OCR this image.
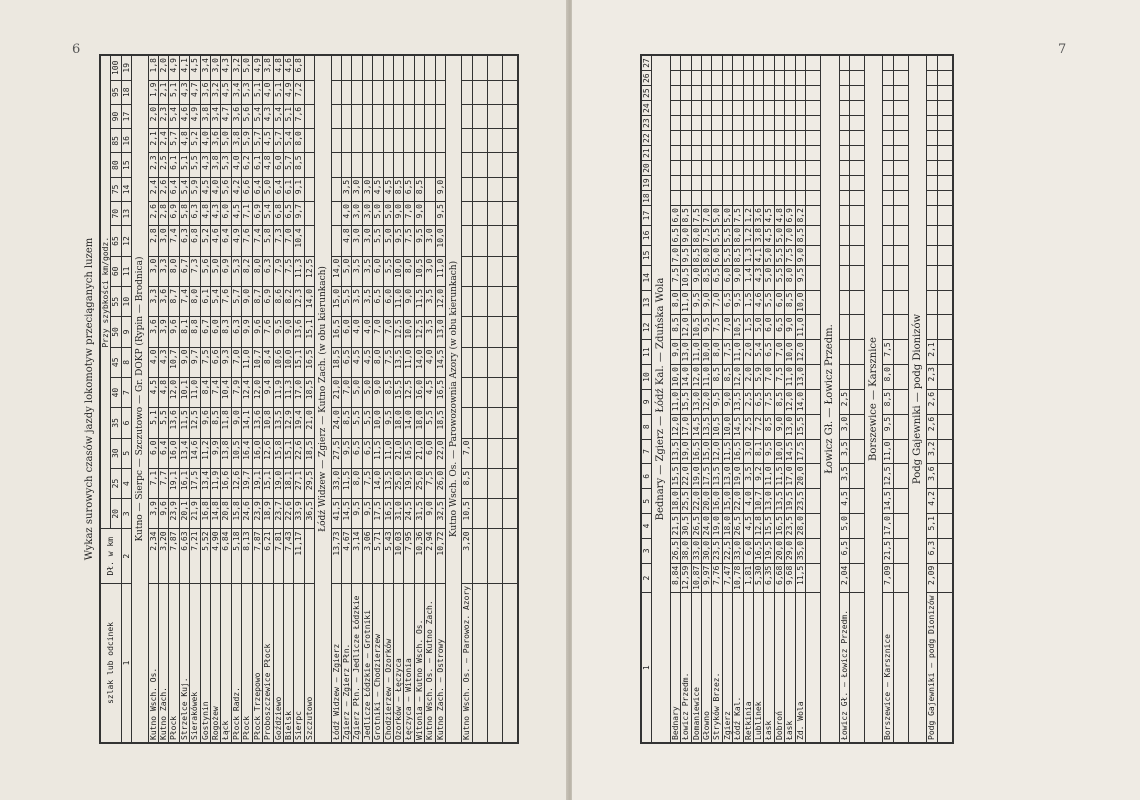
6
Wykaz surowych czasów jazdy lokomotyw przeciąganych luzem
szlak lub odcinek	Dł. w km	Przy szybkości km/godz.																
		20	25	30	35	40	45	50	55	60	65	70	75	80	85	90	95	100
1	2	3	4	5	6	7	8	9	10	11	12	13	14	15	16	17	18	19
Kutno — Sierpc — Szczutowo — Gr. DOKP (Rypin — Brodnica)																		
Kutno Wsch. Os.	2,34	3,9	7,1	6,0	5,1	4,5	4,0	3,6	3,3	3,0	2,8	2,6	2,4	2,3	2,1	2,0	1,9	1,8
Kutno Zach.	3,20	9,6	7,7	6,4	5,5	4,8	4,3	3,9	3,6	3,3	3,0	2,8	2,6	2,5	2,4	2,3	2,1	2,0
Płock	7,87	23,9	19,1	16,0	13,6	12,0	10,7	9,6	8,7	8,0	7,4	6,9	6,4	6,1	5,7	5,4	5,1	4,9
Strzelce Kuj.	6,63	20,1	16,1	13,4	11,5	10,1	9,0	8,1	7,4	6,7	6,3	5,8	5,4	5,1	4,8	4,6	4,3	4,1
Sierakówek	7,21	21,9	17,5	14,6	12,5	11,0	9,7	8,8	8,0	7,3	6,8	6,3	5,9	5,5	5,2	4,9	4,7	4,5
Gostynin	5,52	16,8	13,4	11,2	9,6	8,4	7,5	6,7	6,1	5,6	5,2	4,8	4,5	4,3	4,0	3,8	3,6	3,4
Rogożew	4,90	14,8	11,9	9,9	8,5	7,4	6,6	6,0	5,4	5,0	4,6	4,3	4,0	3,8	3,6	3,4	3,2	3,0
Łąck	6,84	20,8	16,6	13,8	11,8	10,4	9,3	8,3	7,6	6,9	6,4	6,0	5,6	5,3	5,0	4,7	4,5	4,3
Płock Radz.	5,18	15,8	12,6	10,5	9,0	7,9	7,0	6,3	5,7	5,3	4,9	4,5	4,2	4,0	3,8	3,6	3,4	3,2
Płock	8,13	24,6	19,7	16,4	14,1	12,4	11,0	9,9	9,0	8,2	7,6	7,1	6,6	6,2	5,9	5,6	5,3	5,0
Płock Trzepowo	7,87	23,9	19,1	16,0	13,6	12,0	10,7	9,6	8,7	8,0	7,4	6,9	6,4	6,1	5,7	5,4	5,1	4,9
Proboszczewice Płock	6,21	18,9	15,1	12,6	10,8	9,4	8,4	7,6	6,9	6,3	5,8	5,4	5,0	4,8	4,5	4,3	4,0	3,8
Goździewo	7,81	23,7	19,0	15,8	13,5	11,9	10,6	9,5	8,6	7,9	7,3	6,8	6,4	6,0	5,7	5,4	5,1	4,8
Bielsk	7,43	22,6	18,1	15,1	12,9	11,3	10,0	9,0	8,2	7,5	7,0	6,5	6,1	5,7	5,4	5,1	4,9	4,6
Sierpc	11,17	33,9	27,1	22,6	19,4	17,0	15,1	13,6	12,3	11,3	10,4	9,7	9,1	8,5	8,0	7,6	7,2	6,8
Szczutowo		36,5	29,5	18,5	21,0	18,5	16,5	15,1	14,0	12,5								
Łódź Widzew — Zgierz — Kutno Zach. (w obu kierunkach)																		
Łódź Widzew — Zgierz	13,73	41,5	33,0	27,5	24,0	21,0	18,5	16,5	15,0	14,0								
Zgierz — Zgierz Płn.	4,67	14,5	11,5	9,5	8,5	7,0	6,5	6,0	5,5	5,0	4,8	4,0	3,5					
Zgierz Płn. — Jedlicze Łódzkie	3,14	9,5	8,0	6,5	5,5	5,0	4,5	4,0	3,5	3,5	3,0	3,0	3,0					
Jedlicze Łódzkie — Grotniki	3,06	9,5	7,5	6,5	5,5	5,0	4,5	4,0	3,5	3,5	3,0	3,0	3,0					
Grotniki — Chodzierzew	5,71	17,5	14,0	11,5	10,0	9,0	8,0	7,0	6,5	6,0	5,5	5,0	4,5					
Chodzierzew — Ozorków	5,43	16,5	13,5	11,0	9,5	8,5	7,5	7,0	6,0	5,5	5,0	5,0	4,5					
Ozorków — Łęczyca	10,03	31,0	25,0	21,0	18,0	15,5	13,5	12,5	11,0	10,0	9,5	9,0	8,5					
Łęczyca — Witonia	7,95	24,5	19,5	16,5	14,0	12,5	11,0	10,0	9,0	8,0	7,5	7,0	6,5					
Witonia — Kutno Wsch. Os.	10,36	31,5	25,0	21,0	18,0	16,0	14,0	12,5	11,5	10,5	9,5	9,0	8,5					
Kutno Wsch. Os. — Kutno Zach.	2,94	9,0	7,5	6,0	5,5	4,5	4,0	3,5	3,5	3,0	3,0							
Kutno Zach. — Ostrowy	10,72	32,5	26,0	22,0	18,5	16,5	14,5	13,0	12,0	11,0	10,0	9,5	9,0					
Kutno Wsch. Os. — Parowozownia Azory (w obu kierunkach)																		
Kutno Wsch. Os. — Parowoz. Azory	3,20	10,5	8,5	7,0														

7
1	2	3	4	5	6	7	8	9	10	11	12	13	14	15	16	17	18	19	20	21	22	23	24	25	26	27
Bednary — Zgierz — Łódź Kal. — Zduńska Wola																										
Bednary	8,84	26,5	21,5	18,0	15,5	13,5	12,0	11,0	10,0	9,0	8,5	8,0	7,5	7,0	6,5	6,0										
Łowicz Przedm.	12,59	38,0	30,5	25,5	22,0	19,0	17,0	15,5	14,0	13,0	12,0	11,0	10,5	9,5	9,0	8,5										
Domaniewice	10,87	33,0	26,5	22,0	19,0	16,5	14,5	13,0	12,0	11,0	10,5	9,5	9,0	8,5	8,0	7,5										
Głowno	9,97	30,0	24,0	20,0	17,5	15,0	13,5	12,0	11,0	10,0	9,5	9,0	8,5	8,0	7,5	7,0										
Stryków Brzez.	7,76	23,5	19,0	16,0	13,5	12,0	10,5	9,5	8,5	8,0	7,5	7,0	6,5	6,0	5,5	5,0										
Zgierz	7,47	22,5	18,0	15,0	13,0	11,5	10,0	9,0	8,5	7,5	7,0	6,5	6,0	5,5	5,5	5,0										
Łódź Kal.	10,78	33,0	26,5	22,0	19,0	16,5	14,5	13,5	12,0	11,0	10,5	9,5	9,0	8,5	8,0	7,5										
Retkinia	1,81	6,0	4,5	4,0	3,5	3,0	2,5	2,5	2,0	2,0	1,5	1,5	1,4	1,3	1,2	1,2										
Lublinek	5,30	16,5	12,8	10,7	9,2	8,1	7,2	6,5	5,9	5,4	5,0	4,6	4,3	4,1	3,8	3,6										
Łask	6,35	19,5	15,5	13,0	11,0	9,5	8,5	7,5	7,0	6,5	6,0	5,5	5,0	5,0	4,5	4,5										
Dobroń	6,68	20,0	16,5	13,5	11,5	10,0	9,0	8,5	7,5	7,0	6,5	6,0	5,5	5,5	5,0	4,8										
Łask	9,68	29,0	23,5	19,5	17,0	14,5	13,0	12,0	11,0	10,0	9,0	8,5	8,0	7,5	7,0	6,9										
Zd. Wola	11,5	35,0	28,0	23,5	20,0	17,5	15,5	14,0	13,0	12,0	11,0	10,0	9,5	9,0	8,5	8,2										

Łowicz Gł. — Łowicz Przedm.																										
Łowicz Gł. — Łowicz Przedm.	2,04	6,5	5,0	4,5	3,5	3,5	3,0	2,5																		

Borszewice — Karsznice																										
Borszewice — Karsznice	7,09	21,5	17,0	14,5	12,5	11,0	9,5	8,5	8,0	7,5																

Podg Gajewniki — podg Dionizów																										
Podg Gajewniki — podg Dionizów	2,09	6,3	5,1	4,2	3,6	3,2	2,6	2,6	2,3	2,1																
